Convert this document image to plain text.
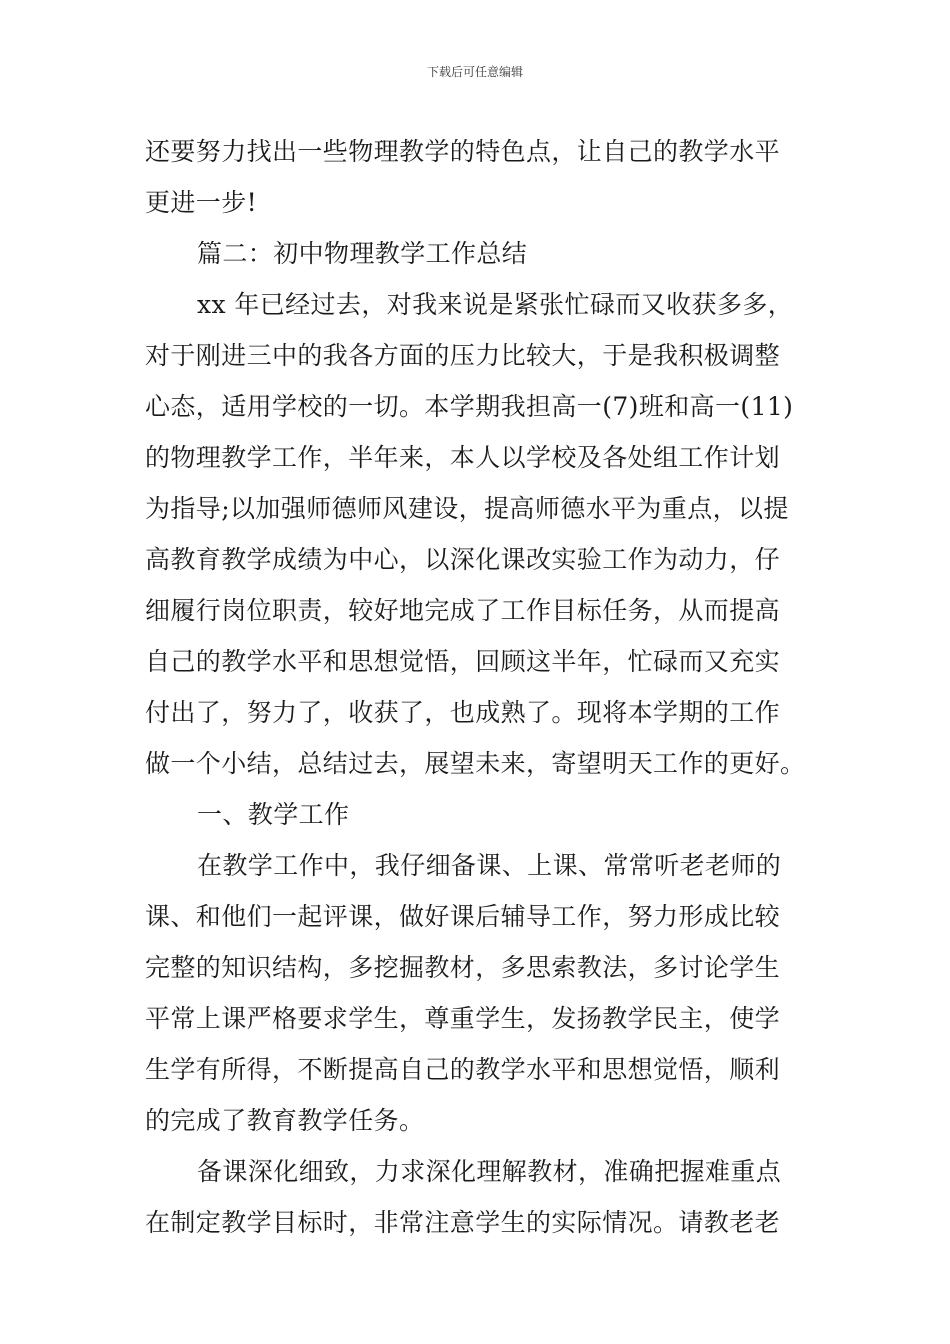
下载后可任意编辑
还要努力找出一些物理教学的特色点，让自己的教学水平
更进一步!
篇二：初中物理教学工作总结
xx 年已经过去，对我来说是紧张忙碌而又收获多多，
对于刚进三中的我各方面的压力比较大，于是我积极调整
心态，适用学校的一切。本学期我担高一(7)班和高一(11)
的物理教学工作，半年来，本人以学校及各处组工作计划
为指导;以加强师德师风建设，提高师德水平为重点，以提
高教育教学成绩为中心，以深化课改实验工作为动力，仔
细履行岗位职责，较好地完成了工作目标任务，从而提高
自己的教学水平和思想觉悟，回顾这半年，忙碌而又充实
付出了，努力了，收获了，也成熟了。现将本学期的工作
做一个小结，总结过去，展望未来，寄望明天工作的更好。
一、教学工作
在教学工作中，我仔细备课、上课、常常听老老师的
课、和他们一起评课，做好课后辅导工作，努力形成比较
完整的知识结构，多挖掘教材，多思索教法，多讨论学生
平常上课严格要求学生，尊重学生，发扬教学民主，使学
生学有所得，不断提高自己的教学水平和思想觉悟，顺利
的完成了教育教学任务。
备课深化细致，力求深化理解教材，准确把握难重点
在制定教学目标时，非常注意学生的实际情况。请教老老
